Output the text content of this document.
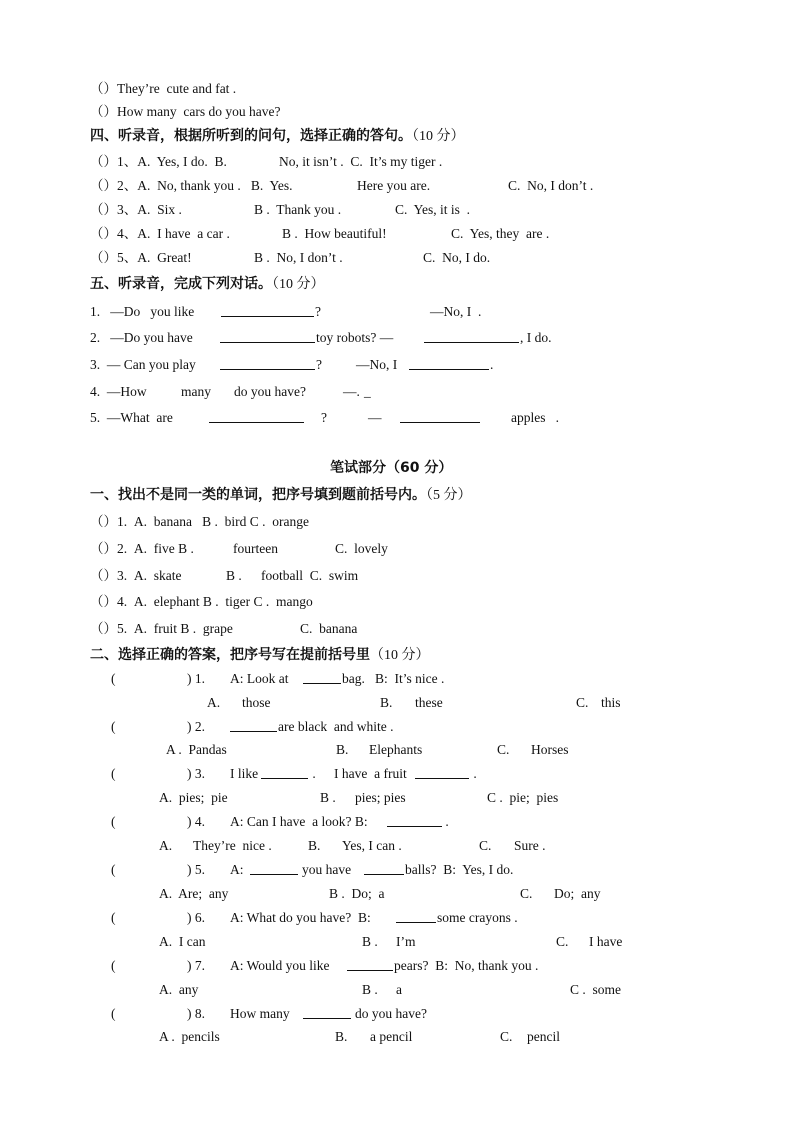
（）They’re  cute and fat .
（）How many  cars do you have?
四、听录音，根据所听到的问句，选择正确的答句。（10 分）
（）1、A.  Yes, I do.  B.	No, it isn’t .  C.  It’s my tiger .
（）2、A.  No, thank you .   B.  Yes.	Here you are.	C.  No, I don’t .
（）3、A.  Six .	B .  Thank you .	C.  Yes, it is  .
（）4、A.  I have  a car .	B .  How beautiful!	C.  Yes, they  are .
（）5、A.  Great!	B .  No, I don’t .	C.  No, I do.
五、听录音，完成下列对话。（10 分）
1.   —Do   you like	?	—No, I  .
2.   —Do you have	toy robots? —	, I do.
3.  — Can you play	?	—No, I	.
4.  —How	many do you have?	—. _
5.  —What  are	?	—	apples   .
笔试部分（60 分）
一、找出不是同一类的单词，把序号填到题前括号内。（5 分）
（）1.  A.  banana   B .  bird C .  orange
（）2.  A.  five B .	fourteen	C.  lovely
（）3.  A.  skate	B . football  C.  swim
（）4.  A.  elephant B .  tiger C .  mango
（）5.  A.  fruit B .  grape	C.  banana
二、选择正确的答案，把序号写在提前括号里（10 分）
(	) 1. A: Look at	bag.   B:  It’s nice .
A. those	B. these	C. this
(	) 2.	are black  and white .
A .  Pandas	B. Elephants	C. Horses
(	) 3. I like	. I have  a fruit	.
A.  pies;  pie	B . pies; pies	C .  pie;  pies
(	) 4. A: Can I have  a look? B:	.
A. They’re  nice .	B. Yes, I can .	C. Sure .
(	) 5. A:	you have	balls?  B:  Yes, I do.
A.  Are;  any	B .  Do;  a	C. Do;  any
(	) 6. A: What do you have?  B:	some crayons .
A.  I can	B . I’m	C. I have
(	) 7. A: Would you like	pears?  B:  No, thank you .
A.  any	B . a	C .  some
(	) 8. How many	do you have?
A .  pencils	B. a pencil	C. pencil
